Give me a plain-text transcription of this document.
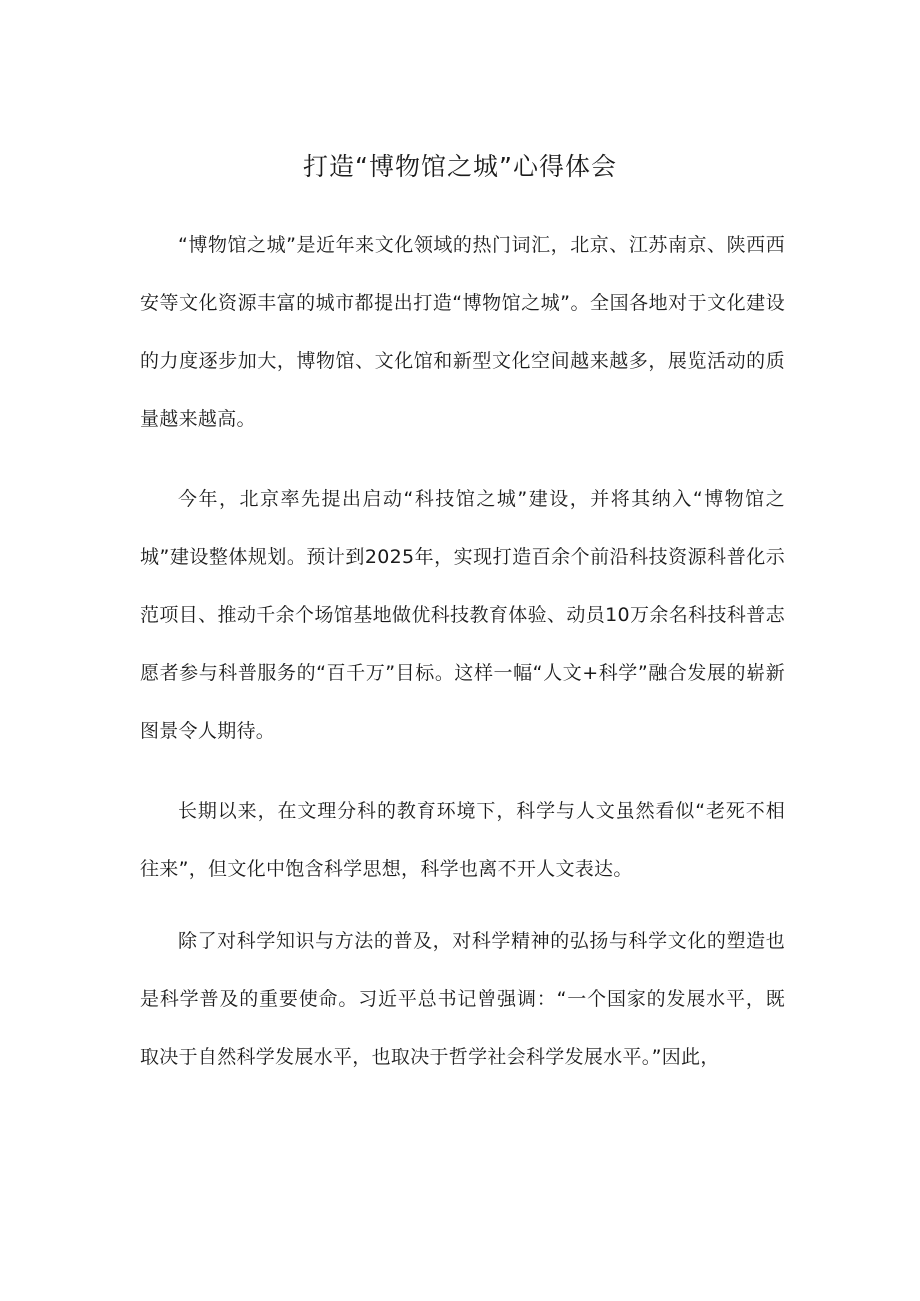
打造“博物馆之城”心得体会

“博物馆之城”是近年来文化领域的热门词汇，北京、江苏南京、陕西西安等文化资源丰富的城市都提出打造“博物馆之城”。全国各地对于文化建设的力度逐步加大，博物馆、文化馆和新型文化空间越来越多，展览活动的质量越来越高。

今年，北京率先提出启动“科技馆之城”建设，并将其纳入“博物馆之城”建设整体规划。预计到2025年，实现打造百余个前沿科技资源科普化示范项目、推动千余个场馆基地做优科技教育体验、动员10万余名科技科普志愿者参与科普服务的“百千万”目标。这样一幅“人文+科学”融合发展的崭新图景令人期待。

长期以来，在文理分科的教育环境下，科学与人文虽然看似“老死不相往来”，但文化中饱含科学思想，科学也离不开人文表达。

除了对科学知识与方法的普及，对科学精神的弘扬与科学文化的塑造也是科学普及的重要使命。习近平总书记曾强调：“一个国家的发展水平，既取决于自然科学发展水平，也取决于哲学社会科学发展水平。”因此，
